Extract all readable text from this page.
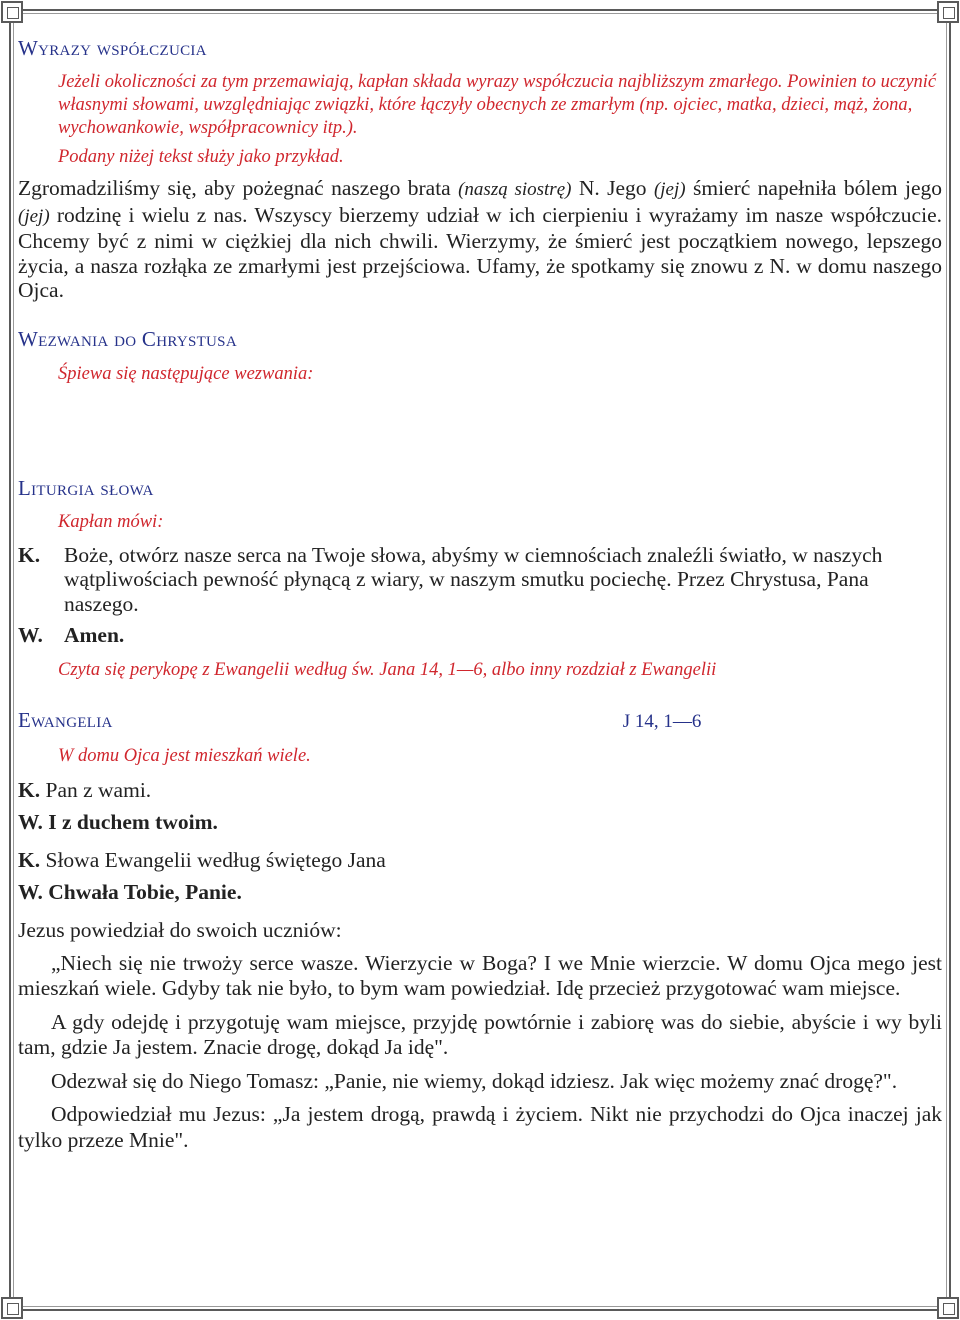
Wyrazy współczucia
Jeżeli okoliczności za tym przemawiają, kapłan składa wyrazy współczucia najbliższym zmarłego. Powinien to uczynić własnymi słowami, uwzględniając związki, które łączyły obecnych ze zmarłym (np. ojciec, matka, dzieci, mąż, żona, wychowankowie, współpracownicy itp.).
Podany niżej tekst służy jako przykład.
Zgromadziliśmy się, aby pożegnać naszego brata (naszą siostrę) N. Jego (jej) śmierć napełniła bólem jego (jej) rodzinę i wielu z nas. Wszyscy bierzemy udział w ich cierpieniu i wyrażamy im nasze współczucie. Chcemy być z nimi w ciężkiej dla nich chwili. Wierzymy, że śmierć jest początkiem nowego, lepszego życia, a nasza rozłąka ze zmarłymi jest przejściowa. Ufamy, że spotkamy się znowu z N. w domu naszego Ojca.
Wezwania do Chrystusa
Śpiewa się następujące wezwania:
Liturgia słowa
Kapłan mówi:
K.	Boże, otwórz nasze serca na Twoje słowa, abyśmy w ciemnościach znaleźli światło, w naszych wątpliwościach pewność płynącą z wiary, w naszym smutku pociechę. Przez Chrystusa, Pana naszego.
W. Amen.
Czyta się perykopę z Ewangelii według św. Jana 14, 1—6, albo inny rozdział z Ewangelii
Ewangelia	J 14, 1—6
W domu Ojca jest mieszkań wiele.
K. Pan z wami.
W. I z duchem twoim.
K. Słowa Ewangelii według świętego Jana
W. Chwała Tobie, Panie.
Jezus powiedział do swoich uczniów:
„Niech się nie trwoży serce wasze. Wierzycie w Boga? I we Mnie wierzcie. W domu Ojca mego jest mieszkań wiele. Gdyby tak nie było, to bym wam powiedział. Idę przecież przygotować wam miejsce.
A gdy odejdę i przygotuję wam miejsce, przyjdę powtórnie i zabiorę was do siebie, abyście i wy byli tam, gdzie Ja jestem. Znacie drogę, dokąd Ja idę".
Odezwał się do Niego Tomasz: „Panie, nie wiemy, dokąd idziesz. Jak więc możemy znać drogę?".
Odpowiedział mu Jezus: „Ja jestem drogą, prawdą i życiem. Nikt nie przychodzi do Ojca inaczej jak tylko przeze Mnie".
